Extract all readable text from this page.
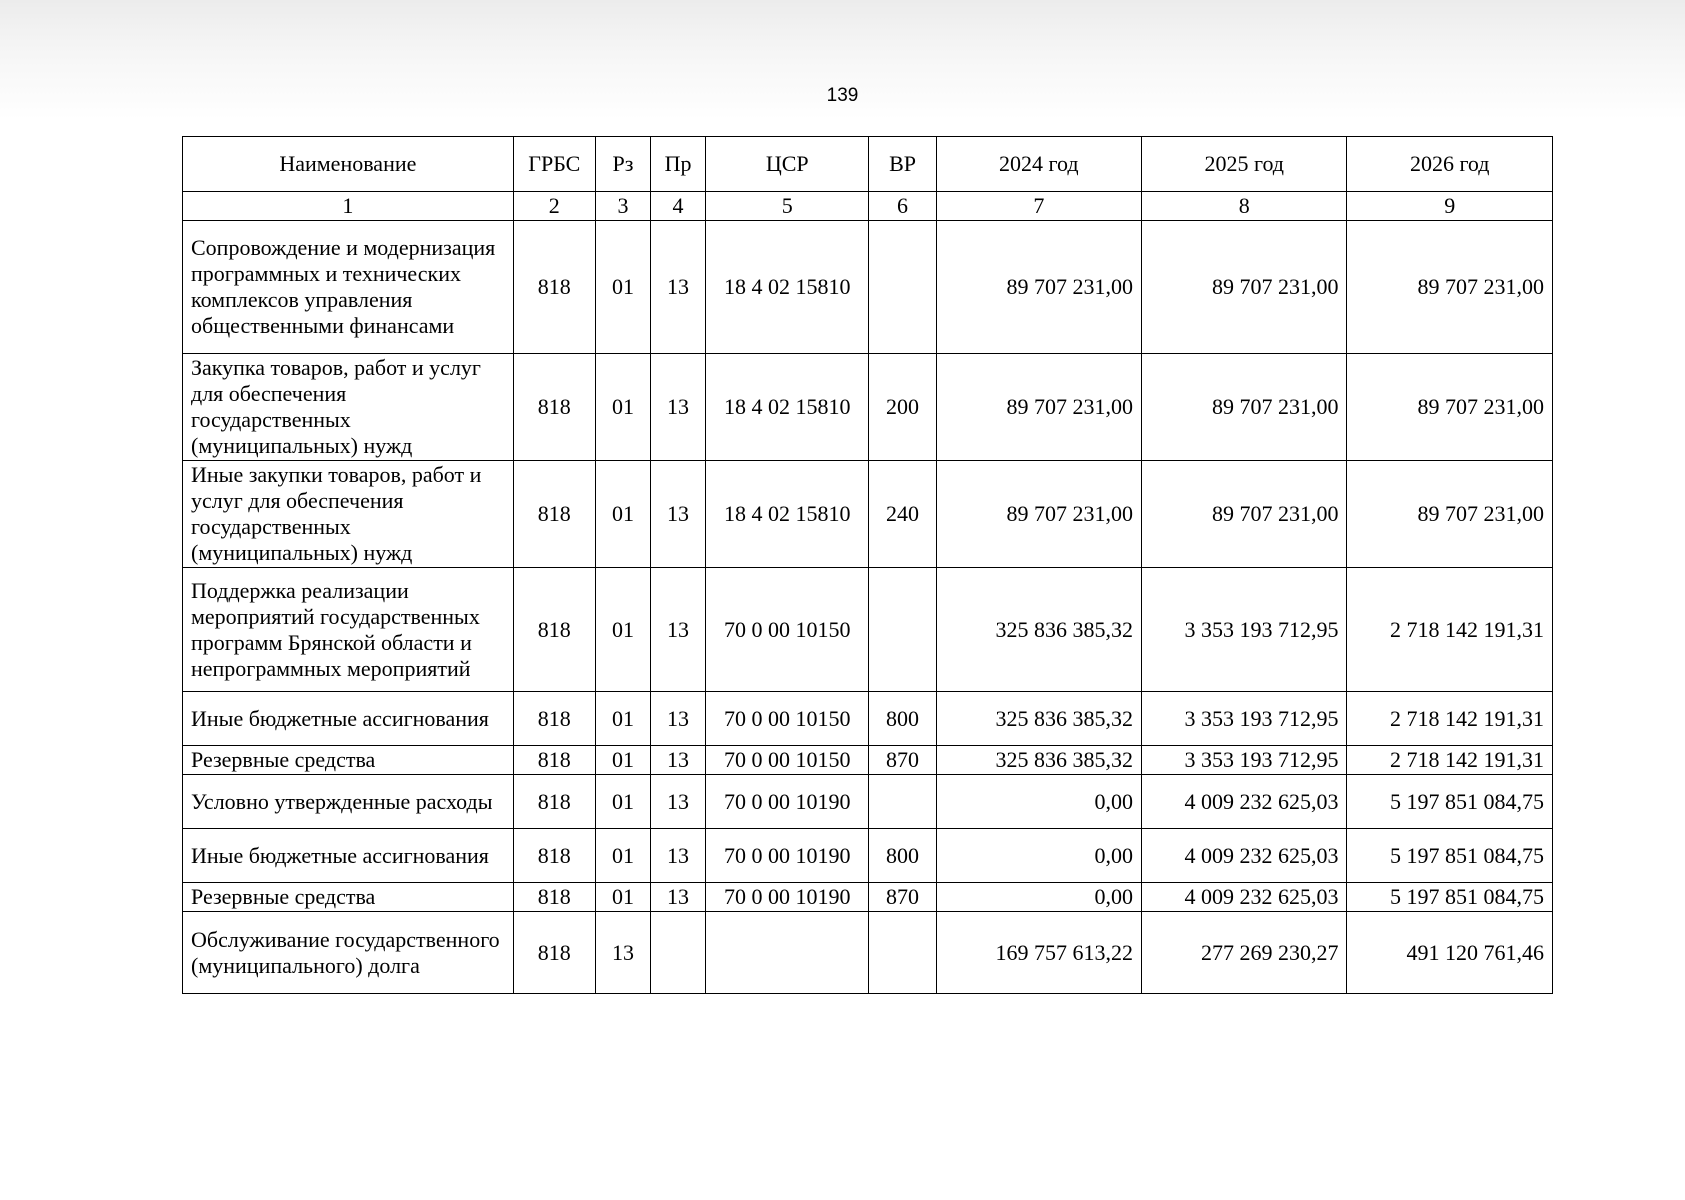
139
Наименование	ГРБС	Рз	Пр	ЦСР	ВР	2024 год	2025 год	2026 год
1	2	3	4	5	6	7	8	9
Сопровождение и модернизация программных и технических комплексов управления общественными финансами	818	01	13	18 4 02 15810		89 707 231,00	89 707 231,00	89 707 231,00
Закупка товаров, работ и услуг для обеспечения государственных (муниципальных) нужд	818	01	13	18 4 02 15810	200	89 707 231,00	89 707 231,00	89 707 231,00
Иные закупки товаров, работ и услуг для обеспечения государственных (муниципальных) нужд	818	01	13	18 4 02 15810	240	89 707 231,00	89 707 231,00	89 707 231,00
Поддержка реализации мероприятий государственных программ Брянской области и непрограммных мероприятий	818	01	13	70 0 00 10150		325 836 385,32	3 353 193 712,95	2 718 142 191,31
Иные бюджетные ассигнования	818	01	13	70 0 00 10150	800	325 836 385,32	3 353 193 712,95	2 718 142 191,31
Резервные средства	818	01	13	70 0 00 10150	870	325 836 385,32	3 353 193 712,95	2 718 142 191,31
Условно утвержденные расходы	818	01	13	70 0 00 10190		0,00	4 009 232 625,03	5 197 851 084,75
Иные бюджетные ассигнования	818	01	13	70 0 00 10190	800	0,00	4 009 232 625,03	5 197 851 084,75
Резервные средства	818	01	13	70 0 00 10190	870	0,00	4 009 232 625,03	5 197 851 084,75
Обслуживание государственного (муниципального) долга	818	13				169 757 613,22	277 269 230,27	491 120 761,46
